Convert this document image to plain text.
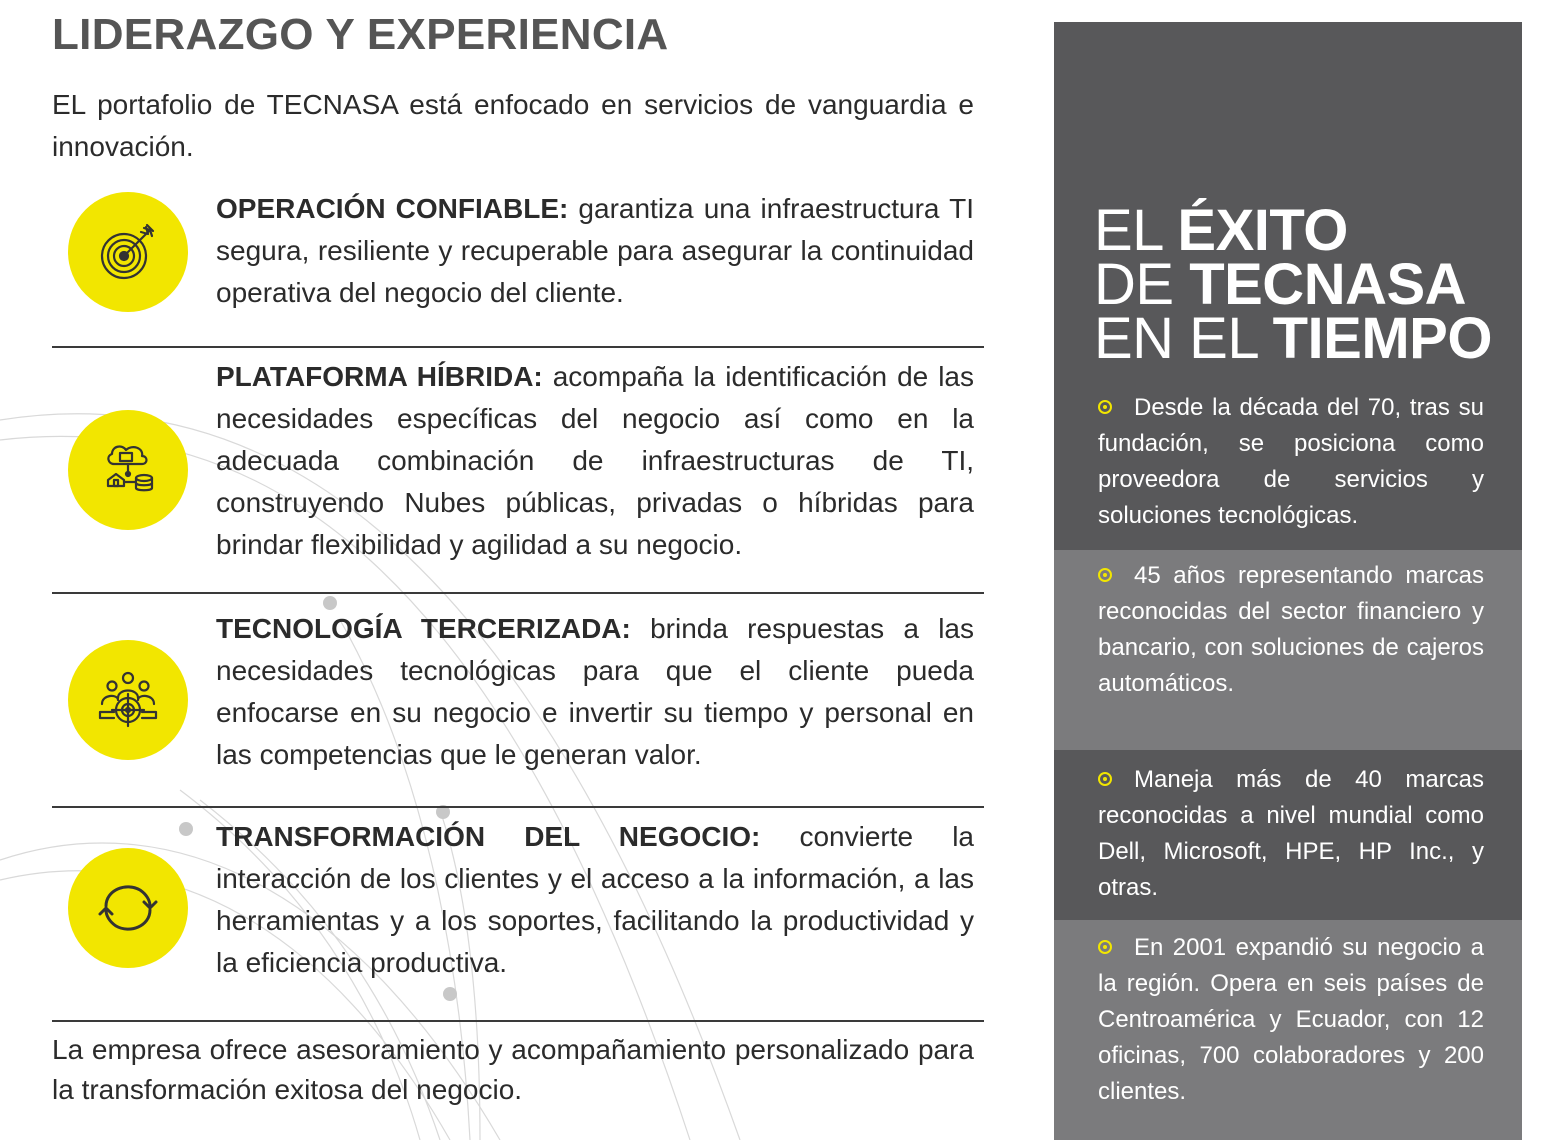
LIDERAZGO Y EXPERIENCIA

EL portafolio de TECNASA está enfocado en servicios de vanguardia e innovación.

OPERACIÓN CONFIABLE: garantiza una infraestructura TI segura, resiliente y recuperable para asegurar la continuidad operativa del negocio del cliente.

PLATAFORMA HÍBRIDA: acompaña la identificación de las necesidades específicas del negocio así como en la adecuada combinación de infraestructuras de TI, construyendo Nubes públicas, privadas o híbridas para brindar flexibilidad y agilidad a su negocio.

TECNOLOGÍA TERCERIZADA: brinda respuestas a las necesidades tecnológicas para que el cliente pueda enfocarse en su negocio e invertir su tiempo y personal en las competencias que le generan valor.

TRANSFORMACIÓN DEL NEGOCIO: convierte la interacción de los clientes y el acceso a la información, a las herramientas y a los soportes, facilitando la productividad y la eficiencia productiva.

La empresa ofrece asesoramiento y acompañamiento personalizado para la transformación exitosa del negocio.

EL ÉXITO
DE TECNASA
EN EL TIEMPO

Desde la década del 70, tras su fundación, se posiciona como proveedora de servicios y soluciones tecnológicas.

45 años representando marcas reconocidas del sector financiero y bancario, con soluciones de cajeros automáticos.

Maneja más de 40 marcas reconocidas a nivel mundial como Dell, Microsoft, HPE, HP Inc., y otras.

En 2001 expandió su negocio a la región. Opera en seis países de Centroamérica y Ecuador, con 12 oficinas, 700 colaboradores y 200 clientes.
